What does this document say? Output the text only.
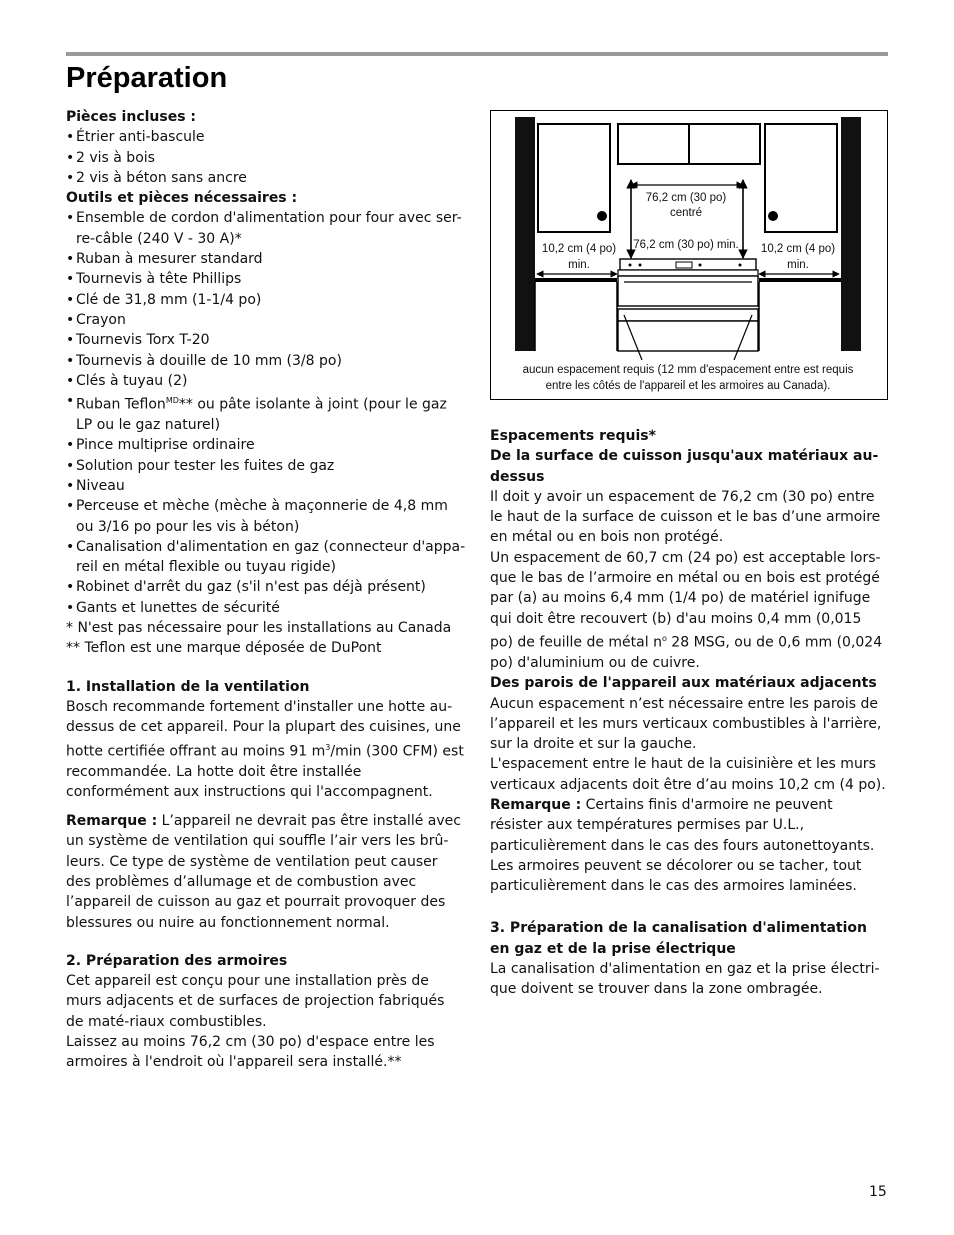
Préparation

Pièces incluses :

• Étrier anti-bascule
• 2 vis à bois
• 2 vis à béton sans ancre

Outils et pièces nécessaires :

• Ensemble de cordon d'alimentation pour four avec ser-re-câble (240 V - 30 A)*
• Ruban à mesurer standard
• Tournevis à tête Phillips
• Clé de 31,8 mm (1-1/4 po)
• Crayon
• Tournevis Torx T-20
• Tournevis à douille de 10 mm (3/8 po)
• Clés à tuyau (2)
• Ruban Teflon$^{MD}$** ou pâte isolante à joint (pour le gaz LP ou le gaz naturel)
• Pince multiprise ordinaire
• Solution pour tester les fuites de gaz
• Niveau
• Perceuse et mèche (mèche à maçonnerie de 4,8 mm ou 3/16 po pour les vis à béton)
• Canalisation d'alimentation en gaz (connecteur d'appa-reil en métal flexible ou tuyau rigide)
• Robinet d'arrêt du gaz (s'il n'est pas déjà présent)
• Gants et lunettes de sécurité

* N'est pas nécessaire pour les installations au Canada

** Teflon est une marque déposée de DuPont

1. Installation de la ventilation

Bosch recommande fortement d'installer une hotte au-dessus de cet appareil. Pour la plupart des cuisines, une hotte certifiée offrant au moins 91 $m^3/\min$ (300 CFM) est recommandée. La hotte doit être installée conformément aux instructions qui l'accompagnent.

Remarque : L’appareil ne devrait pas être installé avec un système de ventilation qui souffle l’air vers les brû-leurs. Ce type de système de ventilation peut causer des problèmes d’allumage et de combustion avec l’appareil de cuisson au gaz et pourrait provoquer des blessures ou nuire au fonctionnement normal.

2. Préparation des armoires

Cet appareil est conçu pour une installation près de murs adjacents et de surfaces de projection fabriqués de maté-riaux combustibles.

Laissez au moins 76,2 cm (30 po) d'espace entre les armoires à l'endroit où l'appareil sera installé.**

76,2 cm (30 po)
centré
76,2 cm (30 po) min.
10,2 cm (4 po)
min.
10,2 cm (4 po)
min.
aucun espacement requis (12 mm d'espacement entre est requis
entre les côtés de l'appareil et les armoires au Canada).

Espacements requis*

De la surface de cuisson jusqu'aux matériaux au-dessus

Il doit y avoir un espacement de 76,2 cm (30 po) entre le haut de la surface de cuisson et le bas d’une armoire en métal ou en bois non protégé.

Un espacement de 60,7 cm (24 po) est acceptable lors-que le bas de l’armoire en métal ou en bois est protégé par (a) au moins 6,4 mm (1/4 po) de matériel ignifuge qui doit être recouvert (b) d'au moins 0,4 mm (0,015 po) de feuille de métal $n^o$ 28 MSG, ou de 0,6 mm (0,024 po) d'aluminium ou de cuivre.

Des parois de l'appareil aux matériaux adjacents

Aucun espacement n’est nécessaire entre les parois de l’appareil et les murs verticaux combustibles à l'arrière, sur la droite et sur la gauche.

L'espacement entre le haut de la cuisinière et les murs verticaux adjacents doit être d’au moins 10,2 cm (4 po).

Remarque : Certains finis d'armoire ne peuvent résister aux températures permises par U.L., particulièrement dans le cas des fours autonettoyants. Les armoires peuvent se décolorer ou se tacher, tout particulièrement dans le cas des armoires laminées.

3. Préparation de la canalisation d'alimentation en gaz et de la prise électrique

La canalisation d'alimentation en gaz et la prise électri-que doivent se trouver dans la zone ombragée.

15
